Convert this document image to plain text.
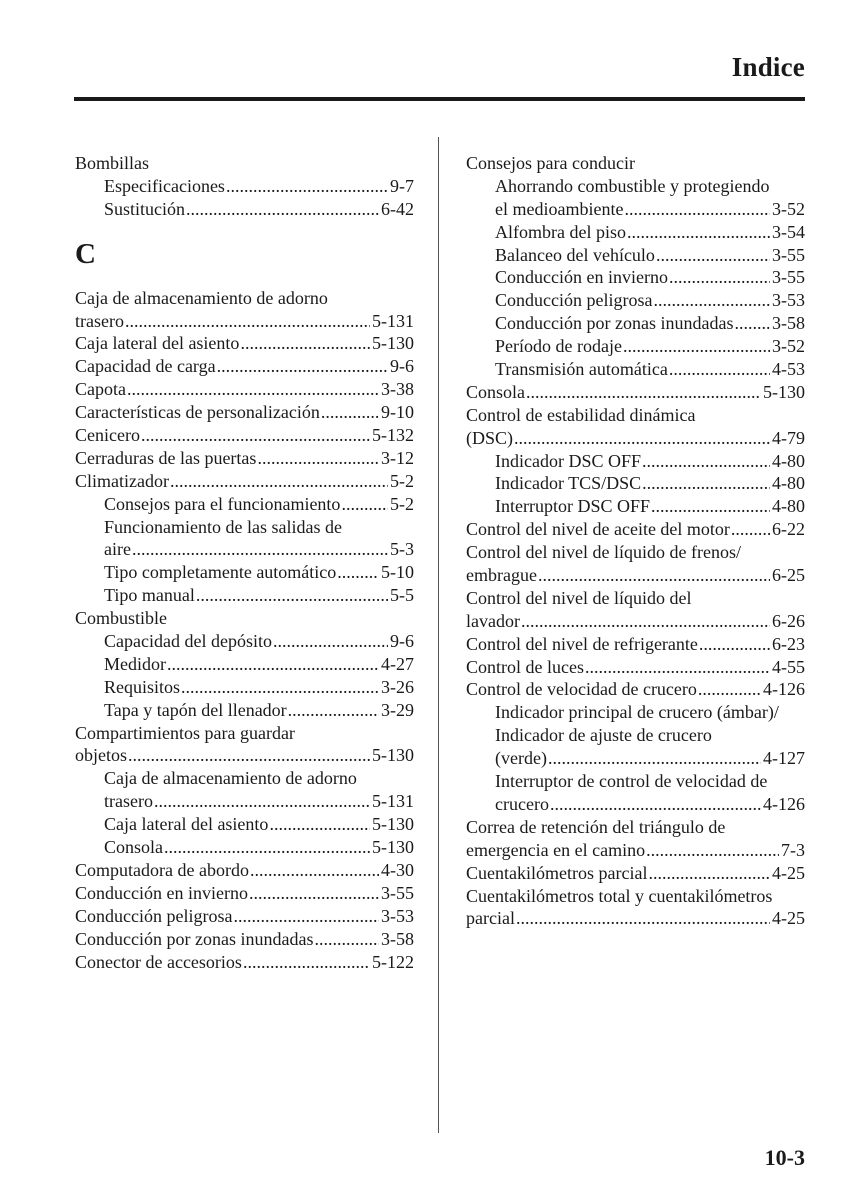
Indice
Bombillas
Especificaciones .....	9-7
Sustitución .....	6-42
C
Caja de almacenamiento de adorno
trasero .....	5-131
Caja lateral del asiento .....	5-130
Capacidad de carga .....	9-6
Capota .....	3-38
Características de personalización .....	9-10
Cenicero .....	5-132
Cerraduras de las puertas .....	3-12
Climatizador .....	5-2
Consejos para el funcionamiento .....	5-2
Funcionamiento de las salidas de
aire .....	5-3
Tipo completamente automático ..... 5-10
Tipo manual .....	5-5
Combustible
Capacidad del depósito .....	9-6
Medidor .....	4-27
Requisitos .....	3-26
Tapa y tapón del llenador .....	3-29
Compartimientos para guardar
objetos .....	5-130
Caja de almacenamiento de adorno
trasero .....	5-131
Caja lateral del asiento .....	5-130
Consola .....	5-130
Computadora de abordo .....	4-30
Conducción en invierno .....	3-55
Conducción peligrosa .....	3-53
Conducción por zonas inundadas .....	3-58
Conector de accesorios .....	5-122
Consejos para conducir
Ahorrando combustible y protegiendo
el medioambiente .....	3-52
Alfombra del piso .....	3-54
Balanceo del vehículo .....	3-55
Conducción en invierno .....	3-55
Conducción peligrosa .....	3-53
Conducción por zonas inundadas ..... 3-58
Período de rodaje .....	3-52
Transmisión automática .....	4-53
Consola .....	5-130
Control de estabilidad dinámica
(DSC) .....	4-79
Indicador DSC OFF .....	4-80
Indicador TCS/DSC .....	4-80
Interruptor DSC OFF .....	4-80
Control del nivel de aceite del motor ..... 6-22
Control del nivel de líquido de frenos/
embrague .....	6-25
Control del nivel de líquido del
lavador .....	6-26
Control del nivel de refrigerante .....	6-23
Control de luces .....	4-55
Control de velocidad de crucero .....	4-126
Indicador principal de crucero (ámbar)/
Indicador de ajuste de crucero
(verde) .....	4-127
Interruptor de control de velocidad de
crucero .....	4-126
Correa de retención del triángulo de
emergencia en el camino .....	7-3
Cuentakilómetros parcial .....	4-25
Cuentakilómetros total y cuentakilómetros
parcial .....	4-25
10-3
